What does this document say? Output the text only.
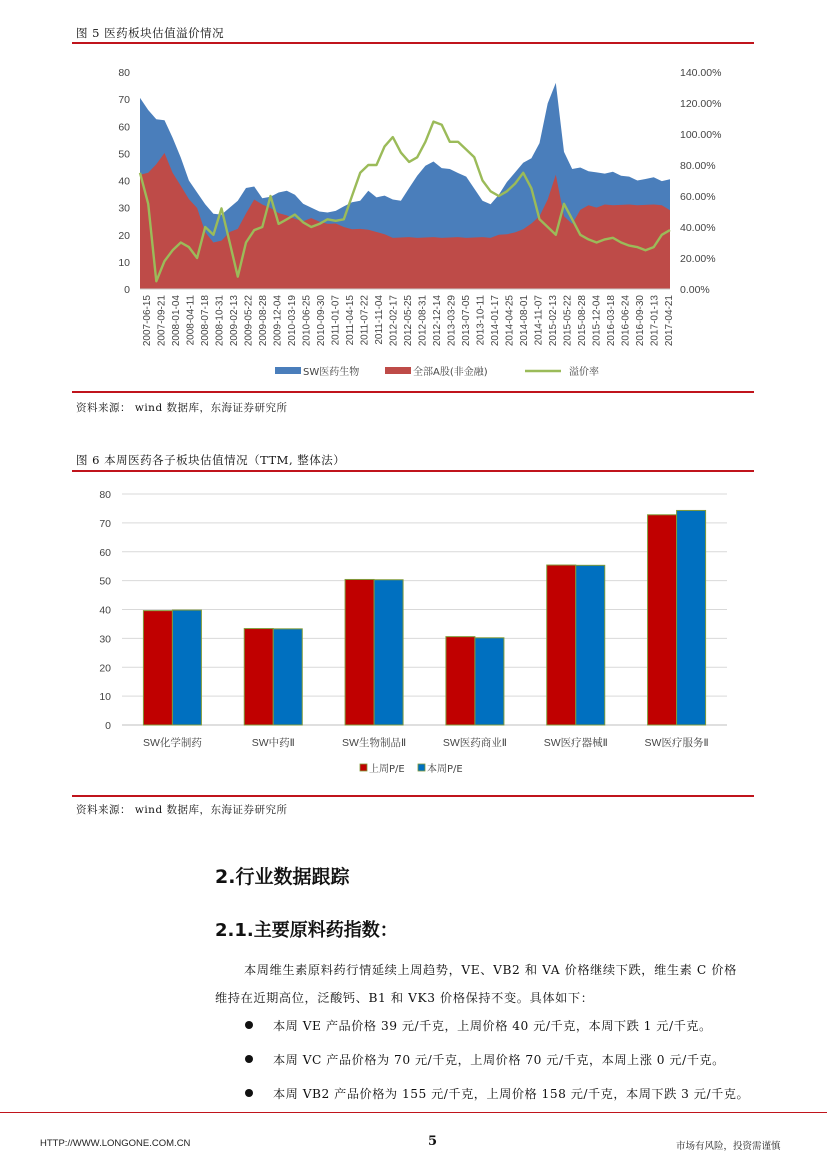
图 5 医药板块估值溢价情况
0
10
20
30
40
50
60
70
80
0.00%
20.00%
40.00%
60.00%
80.00%
100.00%
120.00%
140.00%
2007-06-15 2007-09-21 2008-01-04 2008-04-11 2008-07-18 2008-10-31 2009-02-13 2009-05-22 2009-08-28 2009-12-04 2010-03-19 2010-06-25 2010-09-30 2011-01-07 2011-04-15 2011-07-22 2011-11-04 2012-02-17 2012-05-25 2012-08-31 2012-12-14 2013-03-29 2013-07-05 2013-10-11 2014-01-17 2014-04-25 2014-08-01 2014-11-07 2015-02-13 2015-05-22 2015-08-28 2015-12-04 2016-03-18 2016-06-24 2016-09-30 2017-01-13 2017-04-21
SW医药生物	全部A股(非金融)	溢价率
资料来源： wind 数据库，东海证券研究所
图 6 本周医药各子板块估值情况（TTM, 整体法）
0
10
20
30
40
50
60
70
80
SW化学制药	SW中药Ⅱ	SW生物制品Ⅱ	SW医药商业Ⅱ	SW医疗器械Ⅱ	SW医疗服务Ⅱ
上周P/E 本周P/E
资料来源： wind 数据库，东海证券研究所
2.行业数据跟踪
2.1.主要原料药指数：
本周维生素原料药行情延续上周趋势，VE、VB2 和 VA 价格继续下跌，维生素 C 价格
维持在近期高位，泛酸钙、B1 和 VK3 价格保持不变。具体如下：
本周 VE 产品价格 39 元/千克，上周价格 40 元/千克，本周下跌 1 元/千克。
本周 VC 产品价格为 70 元/千克，上周价格 70 元/千克，本周上涨 0 元/千克。
本周 VB2 产品价格为 155 元/千克，上周价格 158 元/千克，本周下跌 3 元/千克。
HTTP://WWW.LONGONE.COM.CN	5	市场有风险，投资需谨慎
